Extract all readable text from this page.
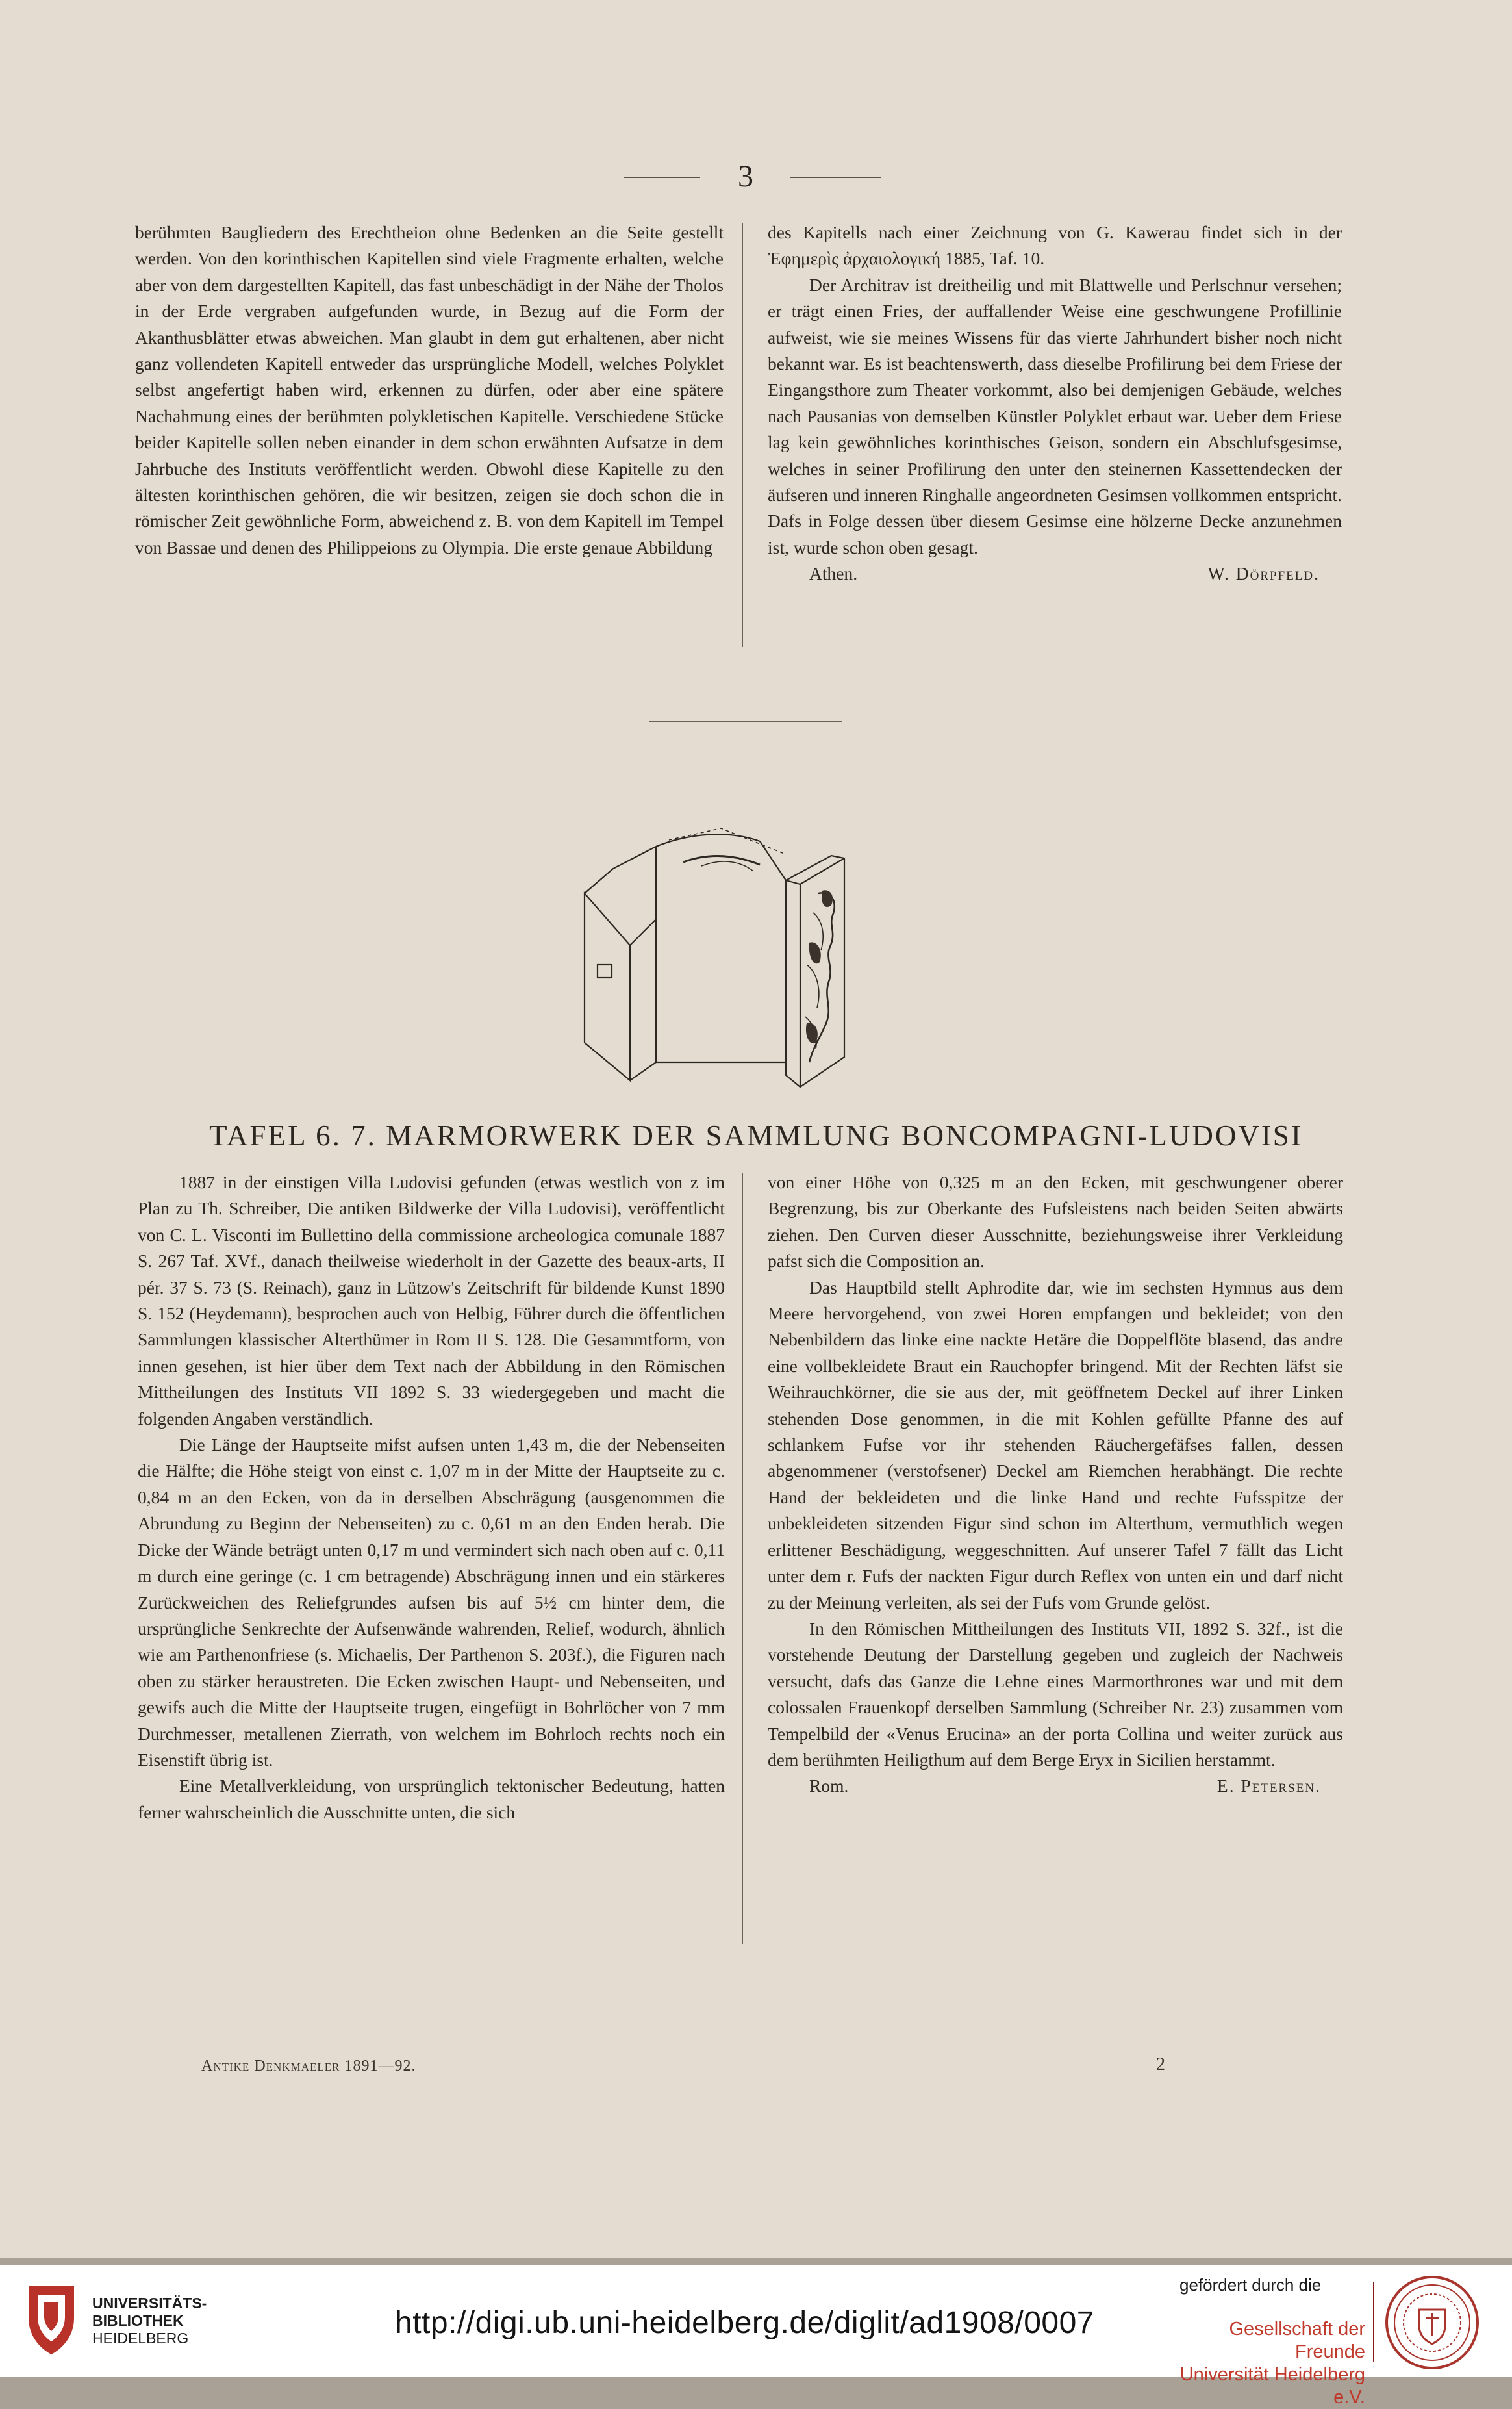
3

berühmten Baugliedern des Erechtheion ohne Bedenken an die Seite gestellt werden. Von den korinthischen Kapitellen sind viele Fragmente erhalten, welche aber von dem dargestellten Kapitell, das fast unbeschädigt in der Nähe der Tholos in der Erde vergraben aufgefunden wurde, in Bezug auf die Form der Akanthusblätter etwas abweichen. Man glaubt in dem gut erhaltenen, aber nicht ganz vollendeten Kapitell entweder das ursprüngliche Modell, welches Polyklet selbst angefertigt haben wird, erkennen zu dürfen, oder aber eine spätere Nachahmung eines der berühmten polykletischen Kapitelle. Verschiedene Stücke beider Kapitelle sollen neben einander in dem schon erwähnten Aufsatze in dem Jahrbuche des Instituts veröffentlicht werden. Obwohl diese Kapitelle zu den ältesten korinthischen gehören, die wir besitzen, zeigen sie doch schon die in römischer Zeit gewöhnliche Form, abweichend z. B. von dem Kapitell im Tempel von Bassae und denen des Philippeions zu Olympia. Die erste genaue Abbildung

des Kapitells nach einer Zeichnung von G. Kawerau findet sich in der Ἐφημερὶς ἀρχαιολογική 1885, Taf. 10.

Der Architrav ist dreitheilig und mit Blattwelle und Perlschnur versehen; er trägt einen Fries, der auffallender Weise eine geschwungene Profillinie aufweist, wie sie meines Wissens für das vierte Jahrhundert bisher noch nicht bekannt war. Es ist beachtenswerth, dass dieselbe Profilirung bei dem Friese der Eingangsthore zum Theater vorkommt, also bei demjenigen Gebäude, welches nach Pausanias von demselben Künstler Polyklet erbaut war. Ueber dem Friese lag kein gewöhnliches korinthisches Geison, sondern ein Abschlufsgesimse, welches in seiner Profilirung den unter den steinernen Kassettendecken der äufseren und inneren Ringhalle angeordneten Gesimsen vollkommen entspricht. Dafs in Folge dessen über diesem Gesimse eine hölzerne Decke anzunehmen ist, wurde schon oben gesagt.

Athen.	W. Dörpfeld.
TAFEL 6. 7. MARMORWERK DER SAMMLUNG BONCOMPAGNI-LUDOVISI

1887 in der einstigen Villa Ludovisi gefunden (etwas westlich von z im Plan zu Th. Schreiber, Die antiken Bildwerke der Villa Ludovisi), veröffentlicht von C. L. Visconti im Bullettino della commissione archeologica comunale 1887 S. 267 Taf. XVf., danach theilweise wiederholt in der Gazette des beaux-arts, II pér. 37 S. 73 (S. Reinach), ganz in Lützow's Zeitschrift für bildende Kunst 1890 S. 152 (Heydemann), besprochen auch von Helbig, Führer durch die öffentlichen Sammlungen klassischer Alterthümer in Rom II S. 128. Die Gesammtform, von innen gesehen, ist hier über dem Text nach der Abbildung in den Römischen Mittheilungen des Instituts VII 1892 S. 33 wiedergegeben und macht die folgenden Angaben verständlich.

Die Länge der Hauptseite mifst aufsen unten 1,43 m, die der Nebenseiten die Hälfte; die Höhe steigt von einst c. 1,07 m in der Mitte der Hauptseite zu c. 0,84 m an den Ecken, von da in derselben Abschrägung (ausgenommen die Abrundung zu Beginn der Nebenseiten) zu c. 0,61 m an den Enden herab. Die Dicke der Wände beträgt unten 0,17 m und vermindert sich nach oben auf c. 0,11 m durch eine geringe (c. 1 cm betragende) Abschrägung innen und ein stärkeres Zurückweichen des Reliefgrundes aufsen bis auf 5½ cm hinter dem, die ursprüngliche Senkrechte der Aufsenwände wahrenden, Relief, wodurch, ähnlich wie am Parthenonfriese (s. Michaelis, Der Parthenon S. 203f.), die Figuren nach oben zu stärker heraustreten. Die Ecken zwischen Haupt- und Nebenseiten, und gewifs auch die Mitte der Hauptseite trugen, eingefügt in Bohrlöcher von 7 mm Durchmesser, metallenen Zierrath, von welchem im Bohrloch rechts noch ein Eisenstift übrig ist.

Eine Metallverkleidung, von ursprünglich tektonischer Bedeutung, hatten ferner wahrscheinlich die Ausschnitte unten, die sich

von einer Höhe von 0,325 m an den Ecken, mit geschwungener oberer Begrenzung, bis zur Oberkante des Fufsleistens nach beiden Seiten abwärts ziehen. Den Curven dieser Ausschnitte, beziehungsweise ihrer Verkleidung pafst sich die Composition an.

Das Hauptbild stellt Aphrodite dar, wie im sechsten Hymnus aus dem Meere hervorgehend, von zwei Horen empfangen und bekleidet; von den Nebenbildern das linke eine nackte Hetäre die Doppelflöte blasend, das andre eine vollbekleidete Braut ein Rauchopfer bringend. Mit der Rechten läfst sie Weihrauchkörner, die sie aus der, mit geöffnetem Deckel auf ihrer Linken stehenden Dose genommen, in die mit Kohlen gefüllte Pfanne des auf schlankem Fufse vor ihr stehenden Räuchergefäfses fallen, dessen abgenommener (verstofsener) Deckel am Riemchen herabhängt. Die rechte Hand der bekleideten und die linke Hand und rechte Fufsspitze der unbekleideten sitzenden Figur sind schon im Alterthum, vermuthlich wegen erlittener Beschädigung, weggeschnitten. Auf unserer Tafel 7 fällt das Licht unter dem r. Fufs der nackten Figur durch Reflex von unten ein und darf nicht zu der Meinung verleiten, als sei der Fufs vom Grunde gelöst.

In den Römischen Mittheilungen des Instituts VII, 1892 S. 32f., ist die vorstehende Deutung der Darstellung gegeben und zugleich der Nachweis versucht, dafs das Ganze die Lehne eines Marmorthrones war und mit dem colossalen Frauenkopf derselben Sammlung (Schreiber Nr. 23) zusammen vom Tempelbild der «Venus Erucina» an der porta Collina und weiter zurück aus dem berühmten Heiligthum auf dem Berge Eryx in Sicilien herstammt.

Rom.	E. Petersen.
Antike Denkmaeler 1891—92.	2
UNIVERSITÄTS-
BIBLIOTHEK
HEIDELBERG	http://digi.ub.uni-heidelberg.de/diglit/ad1908/0007
gefördert durch die
Gesellschaft der Freunde
Universität Heidelberg e.V.
